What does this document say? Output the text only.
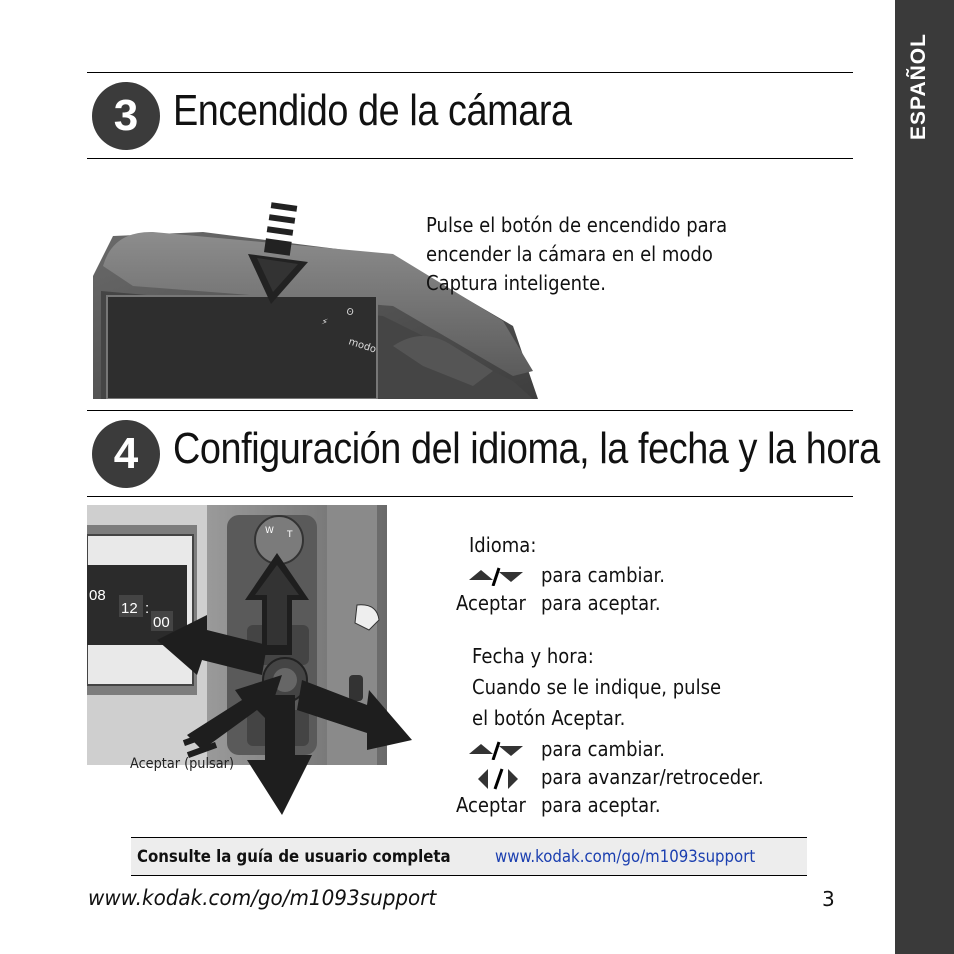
ESPAÑOL
3 Encendido de la cámara
ʘ
⚡
modo
Pulse el botón de encendido para
encender la cámara en el modo
Captura inteligente.
4 Configuración del idioma, la fecha y la hora
08
12 :
00
W T
Aceptar (pulsar)
Idioma:
para cambiar.
Aceptar para aceptar.
Fecha y hora:
Cuando se le indique, pulse
el botón Aceptar.
para cambiar.
para avanzar/retroceder.
Aceptar para aceptar.
Consulte la guía de usuario completa	www.kodak.com/go/m1093support
www.kodak.com/go/m1093support	3
